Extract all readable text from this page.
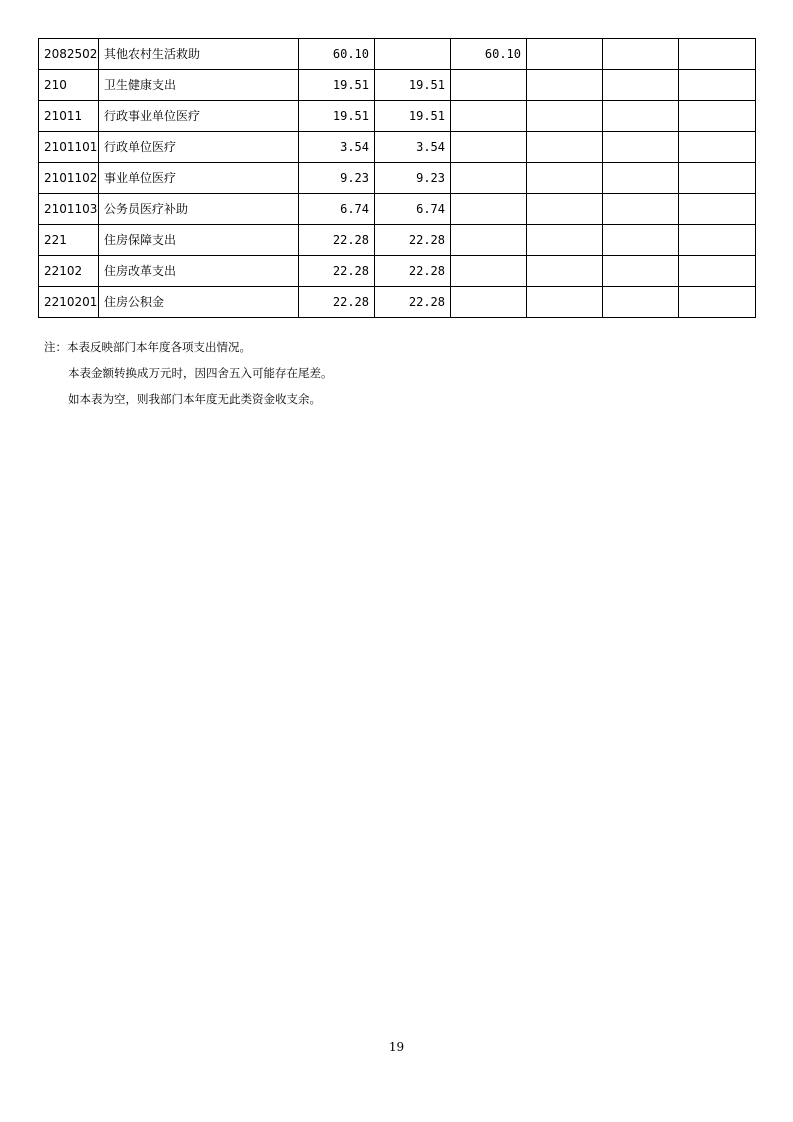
2082502	其他农村生活救助	60.10		60.10			
210	卫生健康支出	19.51	19.51				
21011	行政事业单位医疗	19.51	19.51				
2101101	行政单位医疗	3.54	3.54				
2101102	事业单位医疗	9.23	9.23				
2101103	公务员医疗补助	6.74	6.74				
221	住房保障支出	22.28	22.28				
22102	住房改革支出	22.28	22.28				
2210201	住房公积金	22.28	22.28				
注：本表反映部门本年度各项支出情况。
本表金额转换成万元时，因四舍五入可能存在尾差。
如本表为空，则我部门本年度无此类资金收支余。
19
